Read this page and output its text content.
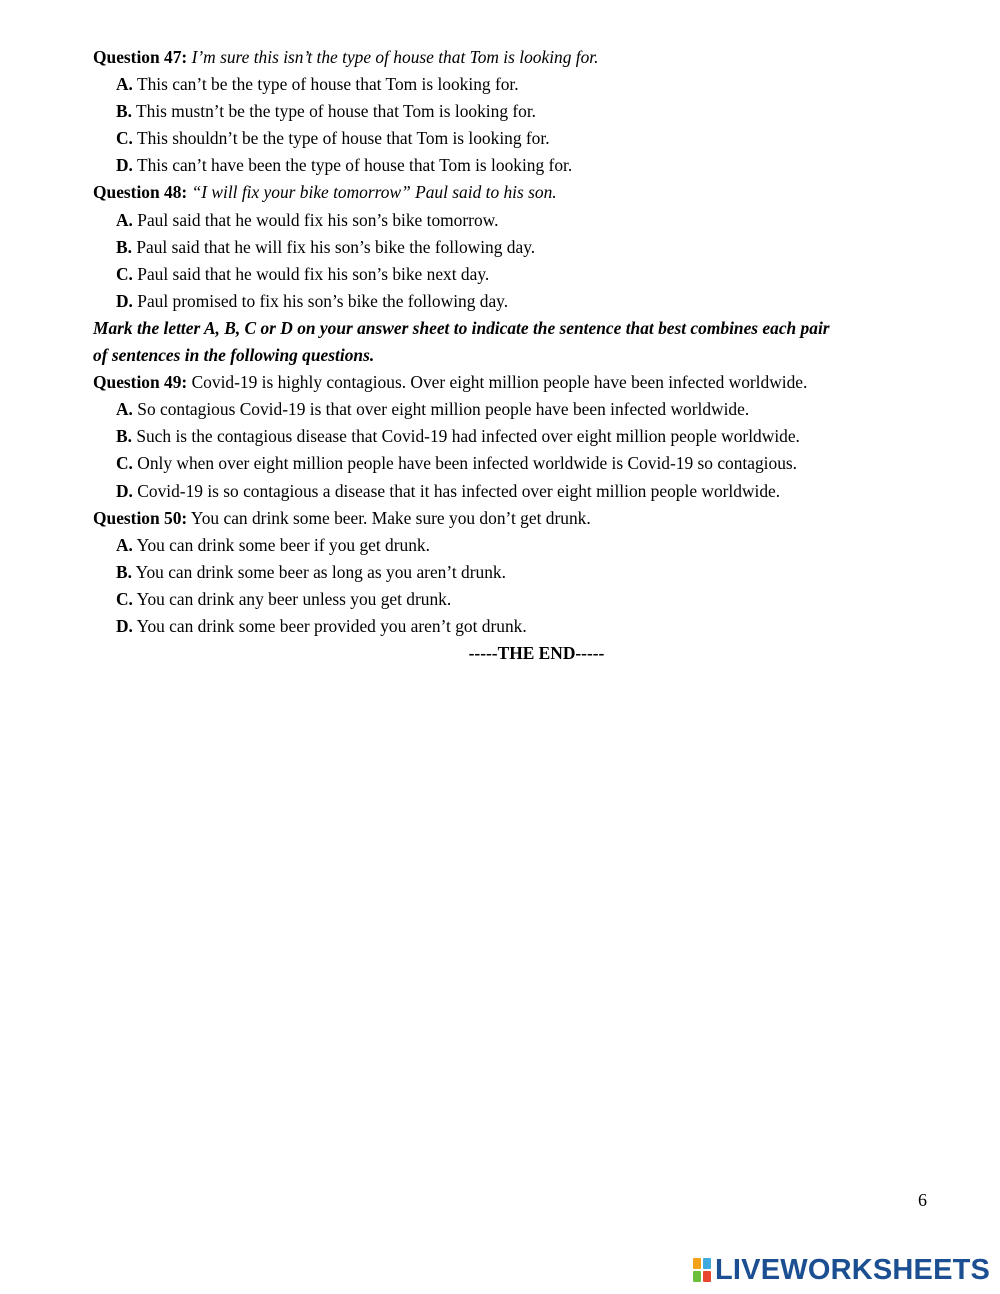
Question 47: I’m sure this isn’t the type of house that Tom is looking for.
A. This can’t be the type of house that Tom is looking for.
B. This mustn’t be the type of house that Tom is looking for.
C. This shouldn’t be the type of house that Tom is looking for.
D. This can’t have been the type of house that Tom is looking for.
Question 48: “I will fix your bike tomorrow” Paul said to his son.
A. Paul said that he would fix his son’s bike tomorrow.
B. Paul said that he will fix his son’s bike the following day.
C. Paul said that he would fix his son’s bike next day.
D. Paul promised to fix his son’s bike the following day.
Mark the letter A, B, C or D on your answer sheet to indicate the sentence that best combines each pair
of sentences in the following questions.
Question 49: Covid-19 is highly contagious. Over eight million people have been infected worldwide.
A. So contagious Covid-19 is that over eight million people have been infected worldwide.
B. Such is the contagious disease that Covid-19 had infected over eight million people worldwide.
C. Only when over eight million people have been infected worldwide is Covid-19 so contagious.
D. Covid-19 is so contagious a disease that it has infected over eight million people worldwide.
Question 50: You can drink some beer. Make sure you don’t get drunk.
A. You can drink some beer if you get drunk.
B. You can drink some beer as long as you aren’t drunk.
C. You can drink any beer unless you get drunk.
D. You can drink some beer provided you aren’t got drunk.
-----THE END-----
6
LIVEWORKSHEETS
